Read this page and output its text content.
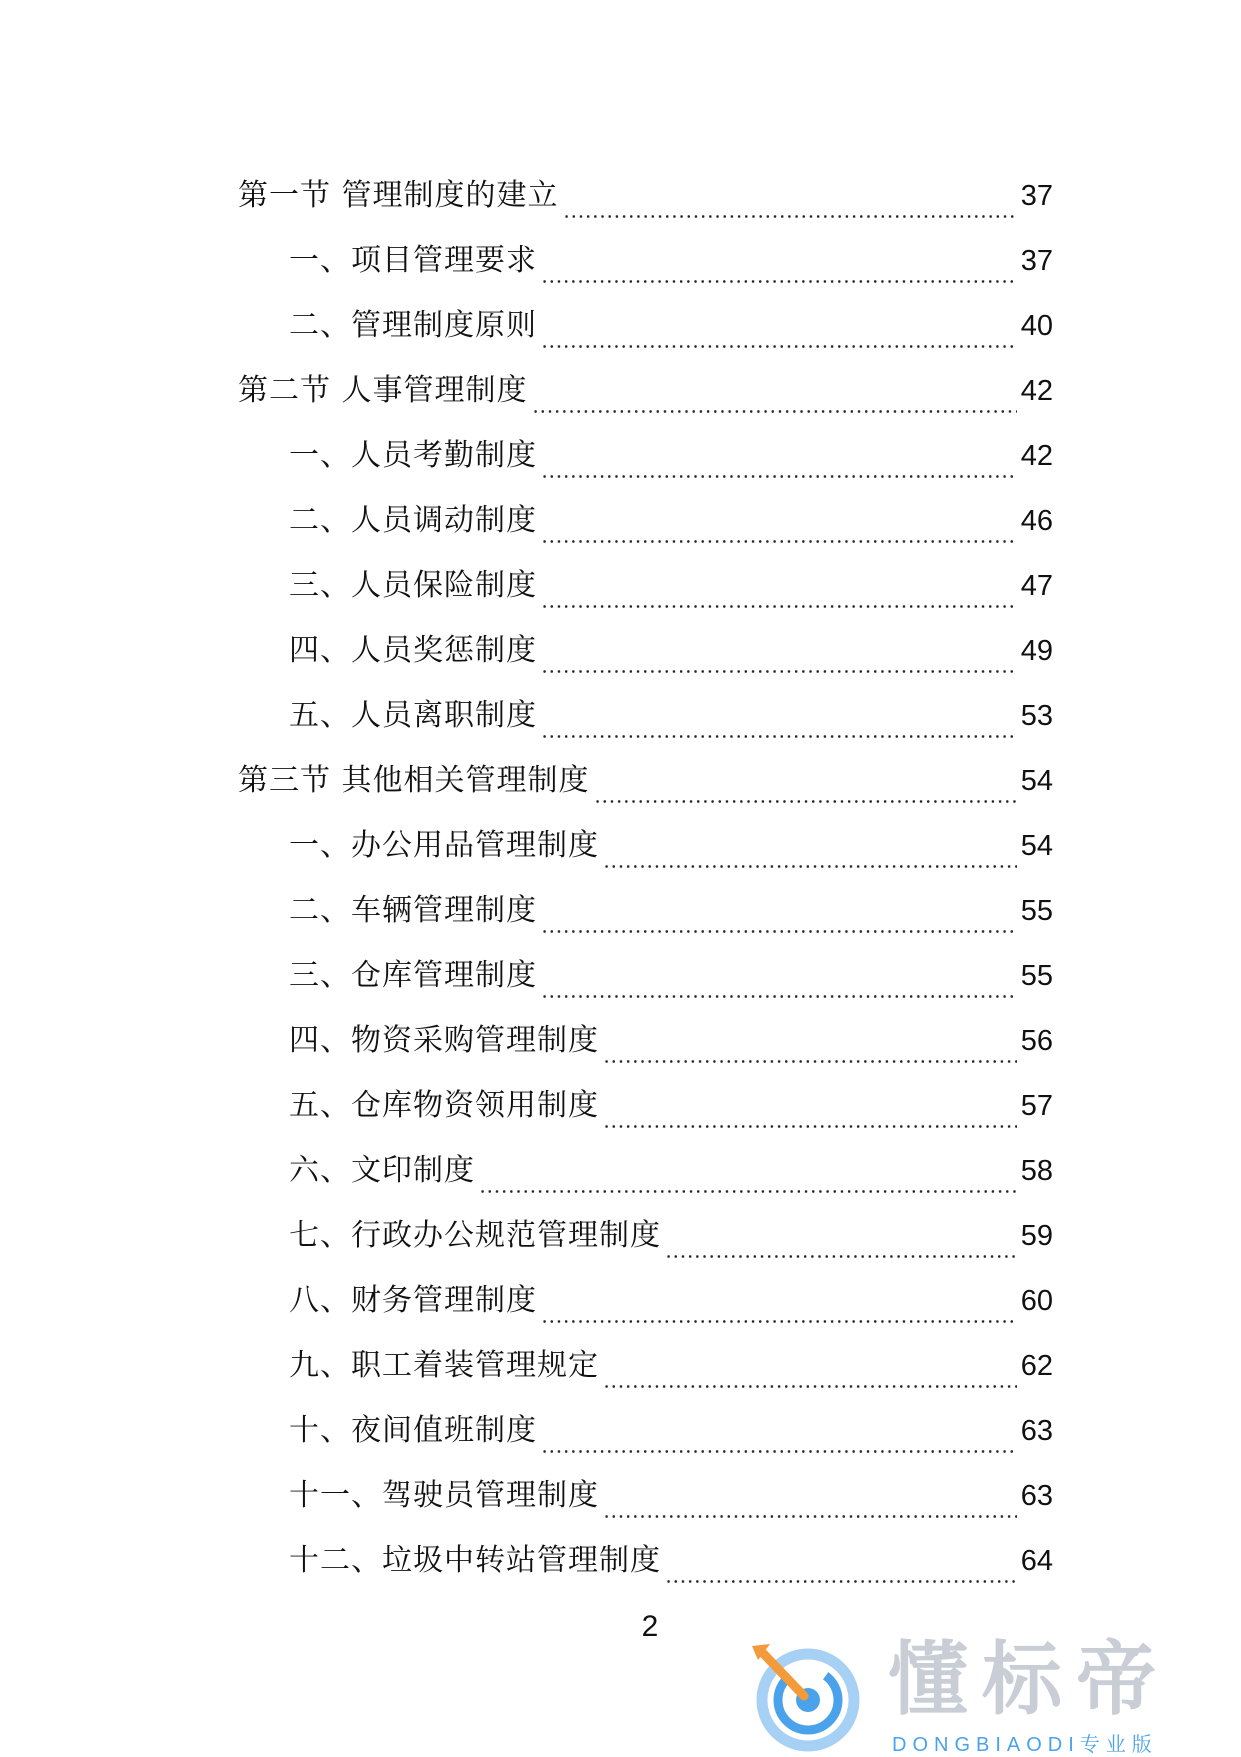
第一节 管理制度的建立	37
一、项目管理要求	37
二、管理制度原则	40
第二节 人事管理制度	42
一、人员考勤制度	42
二、人员调动制度	46
三、人员保险制度	47
四、人员奖惩制度	49
五、人员离职制度	53
第三节 其他相关管理制度	54
一、办公用品管理制度	54
二、车辆管理制度	55
三、仓库管理制度	55
四、物资采购管理制度	56
五、仓库物资领用制度	57
六、文印制度	58
七、行政办公规范管理制度	59
八、财务管理制度	60
九、职工着装管理规定	62
十、夜间值班制度	63
十一、驾驶员管理制度	63
十二、垃圾中转站管理制度	64
2
懂标帝
DONGBIAODI专业版
